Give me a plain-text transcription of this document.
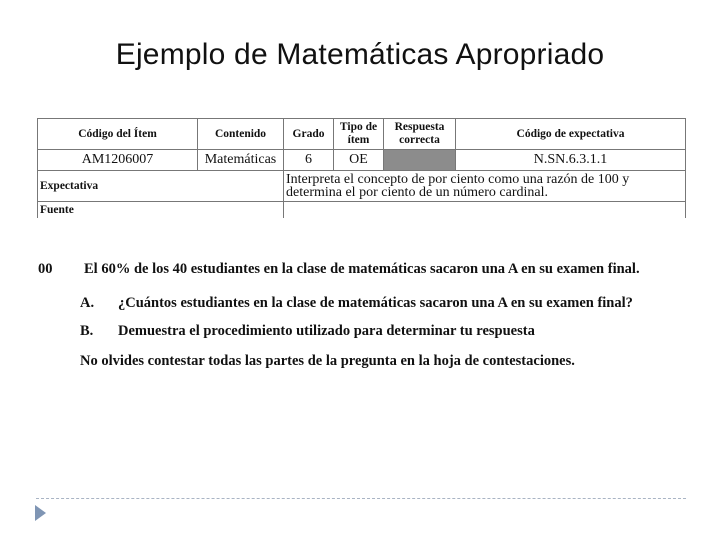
Ejemplo de Matemáticas Apropriado
Código del Ítem	Contenido	Grado	Tipo de ítem	Respuesta correcta	Código de expectativa
AM1206007	Matemáticas	6	OE		N.SN.6.3.1.1
Expectativa		Interpreta el concepto de por ciento como una razón de 100 y determina el por ciento de un número cardinal.			
Fuente					
00 El 60% de los 40 estudiantes en la clase de matemáticas sacaron una A en su examen final.
A. ¿Cuántos estudiantes en la clase de matemáticas sacaron una A en su examen final?
B. Demuestra el procedimiento utilizado para determinar tu respuesta
No olvides contestar todas las partes de la pregunta en la hoja de contestaciones.
